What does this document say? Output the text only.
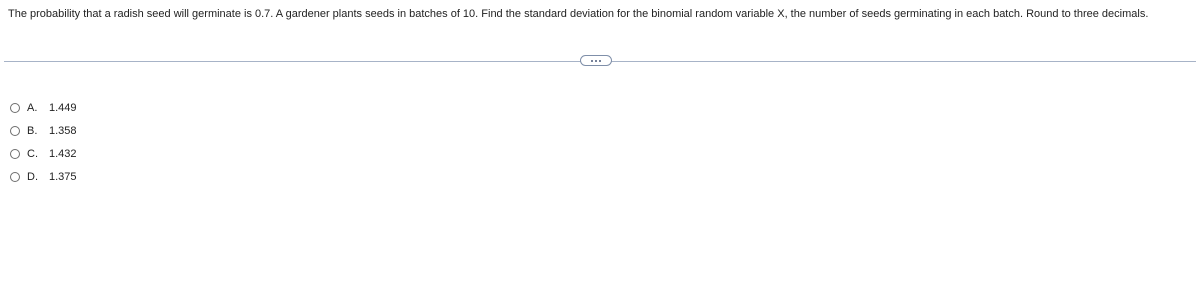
The probability that a radish seed will germinate is 0.7. A gardener plants seeds in batches of 10. Find the standard deviation for the binomial random variable X, the number of seeds germinating in each batch. Round to three decimals.

A.	1.449
B.	1.358
C.	1.432
D.	1.375
